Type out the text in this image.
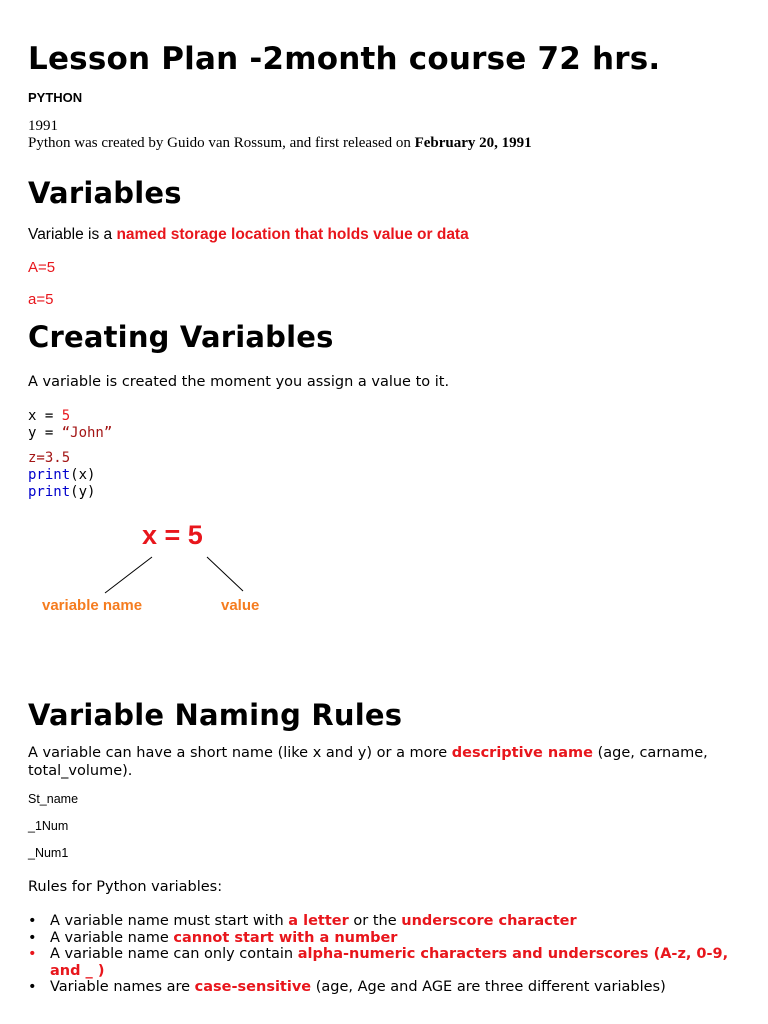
Lesson Plan -2month course 72 hrs.
PYTHON
1991
Python was created by Guido van Rossum, and first released on February 20, 1991
Variables
Variable is a named storage location that holds value or data
A=5
a=5
Creating Variables
A variable is created the moment you assign a value to it.
x = 5
y = “John”
z=3.5
print(x)
print(y)
x = 5
variable name	value
Variable Naming Rules
A variable can have a short name (like x and y) or a more descriptive name (age, carname,
total_volume).
St_name
_1Num
_Num1
Rules for Python variables:
• A variable name must start with a letter or the underscore character
• A variable name cannot start with a number
• A variable name can only contain alpha-numeric characters and underscores (A-z, 0-9,
and _ )
• Variable names are case-sensitive (age, Age and AGE are three different variables)
